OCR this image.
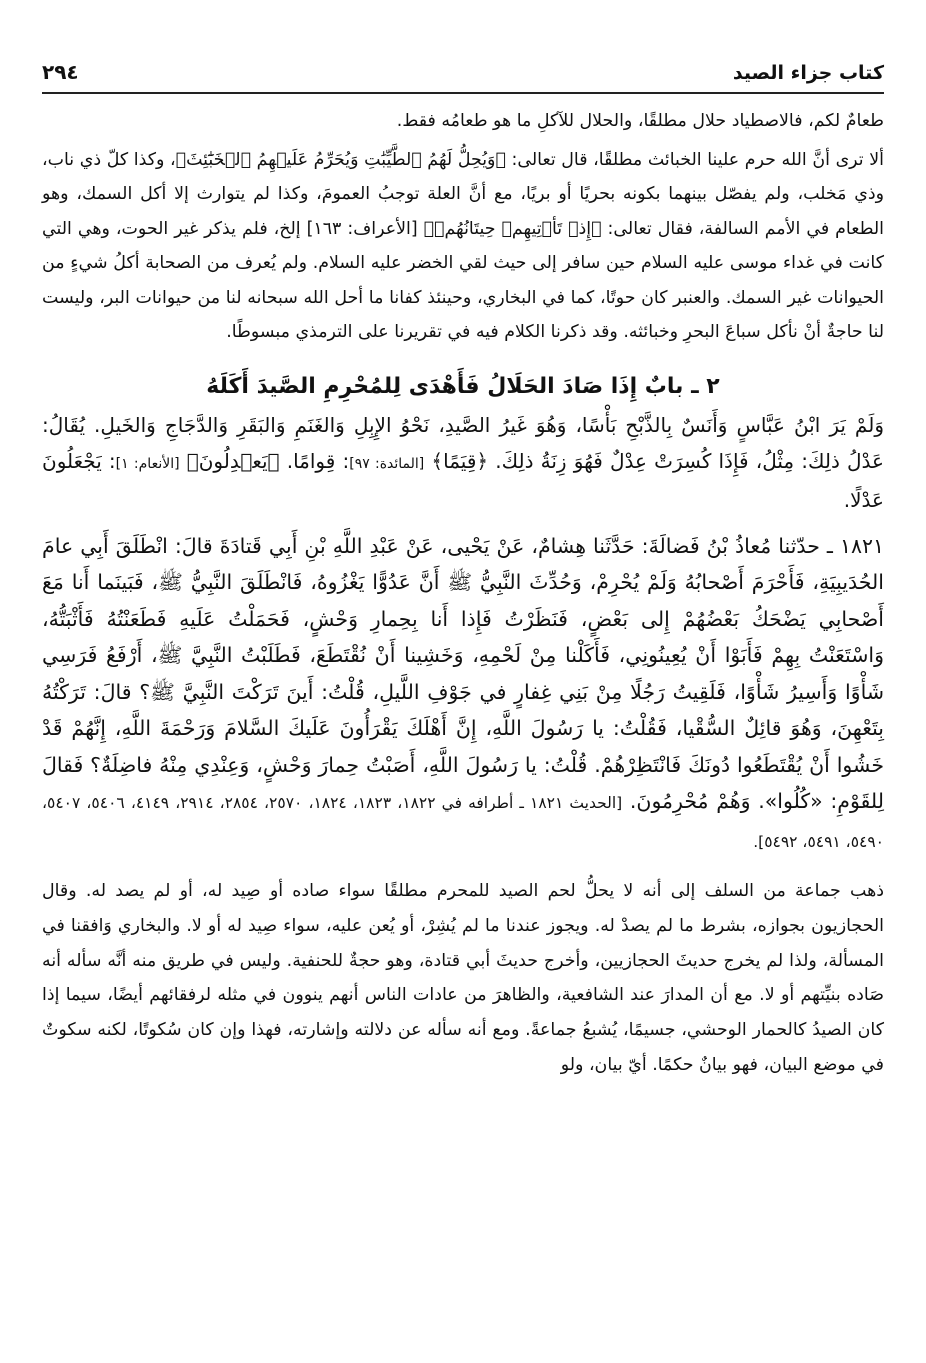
كتاب جزاء الصيد
٢٩٤

طعامٌ لكم، فالاصطياد حلال مطلقًا، والحلال للآكلِ ما هو طعامُه فقط.

ألا ترى أنَّ الله حرم علينا الخبائث مطلقًا، قال تعالى: ﴿وَيُحِلُّ لَهُمُ ٱلطَّيِّبَٰتِ وَيُحَرِّمُ عَلَيۡهِمُ ٱلۡخَبَٰٓئِثَ﴾، وكذا كلّ ذي ناب، وذي مَخلب، ولم يفصّل بينهما بكونه بحريًا أو بريًا، مع أنَّ العلة توجبُ العمومَ، وكذا لم يتوارث إلا أكل السمك، وهو الطعام في الأمم السالفة، فقال تعالى: ﴿إِذۡ تَأۡتِيهِمۡ حِيتَانُهُمۡ﴾ [الأعراف: ١٦٣] إلخ، فلم يذكر غير الحوت، وهي التي كانت في غداء موسى عليه السلام حين سافر إلى حيث لقي الخضر عليه السلام. ولم يُعرف من الصحابة أكلُ شيءٍ من الحيوانات غير السمك. والعنبر كان حوتًا، كما في البخاري، وحينئذ كفانا ما أحل الله سبحانه لنا من حيوانات البر، وليست لنا حاجةٌ أنْ نأكل سباعَ البحرِ وخبائثه. وقد ذكرنا الكلام فيه في تقريرنا على الترمذي مبسوطًا.

٢ ـ بابٌ إِذَا صَادَ الحَلَالُ فَأَهْدَى لِلمُحْرِمِ الصَّيدَ أَكَلَهُ

وَلَمْ يَرَ ابْنُ عَبَّاسٍ وَأَنَسٌ بِالذَّبْحِ بَأْسًا، وَهُوَ غَيرُ الصَّيدِ، نَحْوُ الإِبِلِ وَالغَنَمِ وَالبَقَرِ وَالدَّجَاجِ وَالخَيلِ. يُقَالُ: عَدْلُ ذلِكَ: مِثْلُ، فَإِذَا كُسِرَتْ عِدْلٌ فَهُوَ زِنَةُ ذلِكَ. ﴿قِيَمًا﴾ [المائدة: ٩٧]: قِوامًا. ﴿يَعۡدِلُونَ﴾ [الأنعام: ١]: يَجْعَلُونَ عَدْلًا.

١٨٢١ ـ حدّثنا مُعاذُ بْنُ فَضالَةَ: حَدَّثَنا هِشامٌ، عَنْ يَحْيى، عَنْ عَبْدِ اللَّهِ بْنِ أَبِي قَتادَةَ قالَ: انْطَلَقَ أَبِي عامَ الحُدَيبِيَةِ، فَأَحْرَمَ أَصْحابُهُ وَلَمْ يُحْرِمْ، وَحُدِّثَ النَّبِيُّ ﷺ أَنَّ عَدُوًّا يَغْزُوهُ، فَانْطَلَقَ النَّبِيُّ ﷺ، فَبَينَما أَنا مَعَ أَصْحابِي يَضْحَكُ بَعْضُهُمْ إِلى بَعْضٍ، فَنَظَرْتُ فَإِذا أَنا بِحِمارِ وَحْشٍ، فَحَمَلْتُ عَلَيهِ فَطَعَنْتُهُ فَأَثْبَتُّهُ، وَاسْتَعَنْتُ بِهِمْ فَأَبَوْا أَنْ يُعِينُونِي، فَأَكَلْنا مِنْ لَحْمِهِ، وَخَشِينا أَنْ نُقْتَطَعَ، فَطَلَبْتُ النَّبِيَّ ﷺ، أَرْفَعُ فَرَسِي شَأْوًا وَأَسِيرُ شَأْوًا، فَلَقِيتُ رَجُلًا مِنْ بَنِي غِفارٍ في جَوْفِ اللَّيلِ، قُلْتُ: أَينَ تَرَكْتَ النَّبِيَّ ﷺ؟ قالَ: تَرَكْتُهُ بِتَعْهِنَ، وَهُوَ قائِلٌ السُّقْيا، فَقُلْتُ: يا رَسُولَ اللَّهِ، إِنَّ أَهْلَكَ يَقْرَأُونَ عَلَيكَ السَّلامَ وَرَحْمَةَ اللَّهِ، إِنَّهُمْ قَدْ خَشُوا أَنْ يُقْتَطَعُوا دُونَكَ فَانْتَظِرْهُمْ. قُلْتُ: يا رَسُولَ اللَّهِ، أَصَبْتُ حِمارَ وَحْشٍ، وَعِنْدِي مِنْهُ فاضِلَةٌ؟ فَقالَ لِلقَوْمِ: «كُلُوا». وَهُمْ مُحْرِمُونَ. [الحديث ١٨٢١ ـ أطرافه في ١٨٢٢، ١٨٢٣، ١٨٢٤، ٢٥٧٠، ٢٨٥٤، ٢٩١٤، ٤١٤٩، ٥٤٠٦، ٥٤٠٧، ٥٤٩٠، ٥٤٩١، ٥٤٩٢].

ذهب جماعة من السلف إلى أنه لا يحلُّ لحم الصيد للمحرم مطلقًا سواء صاده أو صِيد له، أو لم يصد له. وقال الحجازيون بجوازه، بشرط ما لم يصدْ له. ويجوز عندنا ما لم يُشِرْ، أو يُعن عليه، سواء صِيد له أو لا. والبخاري وَافقنا في المسألة، ولذا لم يخرج حديثَ الحجازيين، وأخرج حديثَ أبي قتادة، وهو حجةٌ للحنفية. وليس في طريق منه أنَّه سأله أنه صَاده بنيِّتهم أو لا. مع أن المدارَ عند الشافعية، والظاهرَ من عادات الناس أنهم ينوون في مثله لرفقائهم أيضًا، سيما إذا كان الصيدُ كالحمار الوحشي، جسيمًا، يُشبعُ جماعةً. ومع أنه سأله عن دلالته وإشارته، فهذا وإن كان سُكوتًا، لكنه سكوتٌ في موضع البيان، فهو بيانٌ حكمًا. أيّ بيان، ولو
